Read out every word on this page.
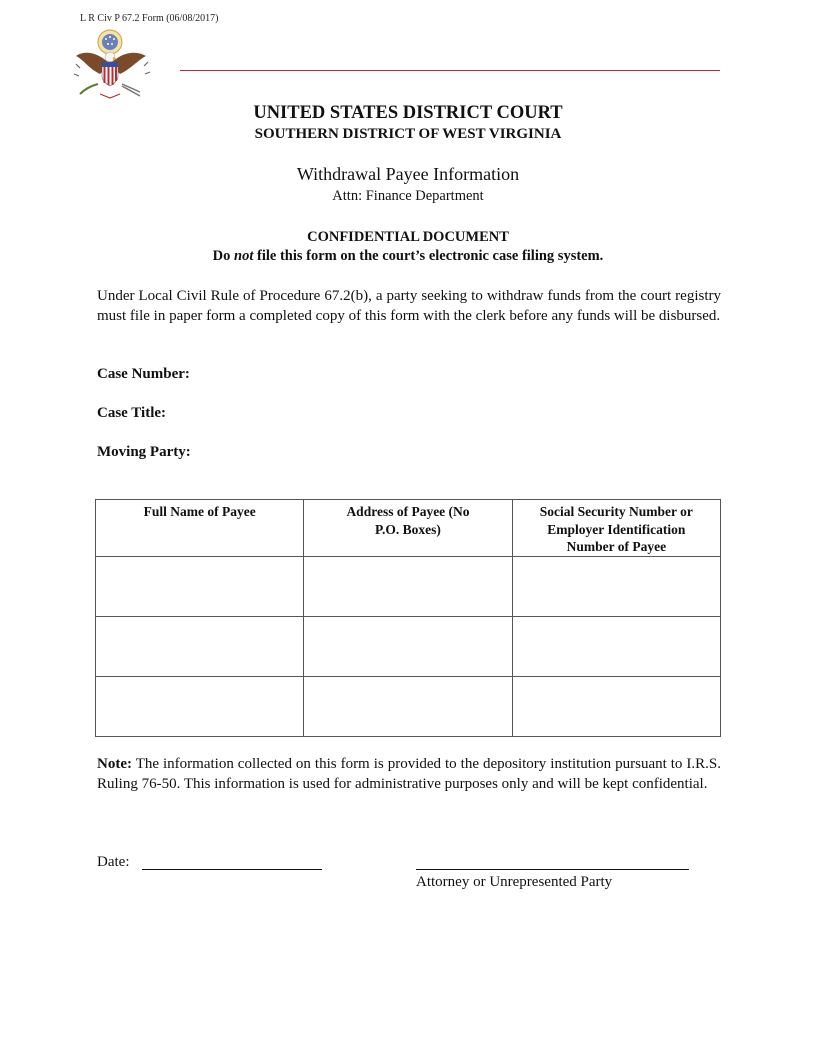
L R Civ P 67.2 Form (06/08/2017)
UNITED STATES DISTRICT COURT
SOUTHERN DISTRICT OF WEST VIRGINIA
Withdrawal Payee Information
Attn: Finance Department
CONFIDENTIAL DOCUMENT
Do not file this form on the court’s electronic case filing system.
Under Local Civil Rule of Procedure 67.2(b), a party seeking to withdraw funds from the court registry must file in paper form a completed copy of this form with the clerk before any funds will be disbursed.
Case Number:
Case Title:
Moving Party:
Full Name of Payee	Address of Payee (No P.O. Boxes)	Social Security Number or Employer Identification Number of Payee

Note: The information collected on this form is provided to the depository institution pursuant to I.R.S. Ruling 76-50. This information is used for administrative purposes only and will be kept confidential.
Date:
Attorney or Unrepresented Party
